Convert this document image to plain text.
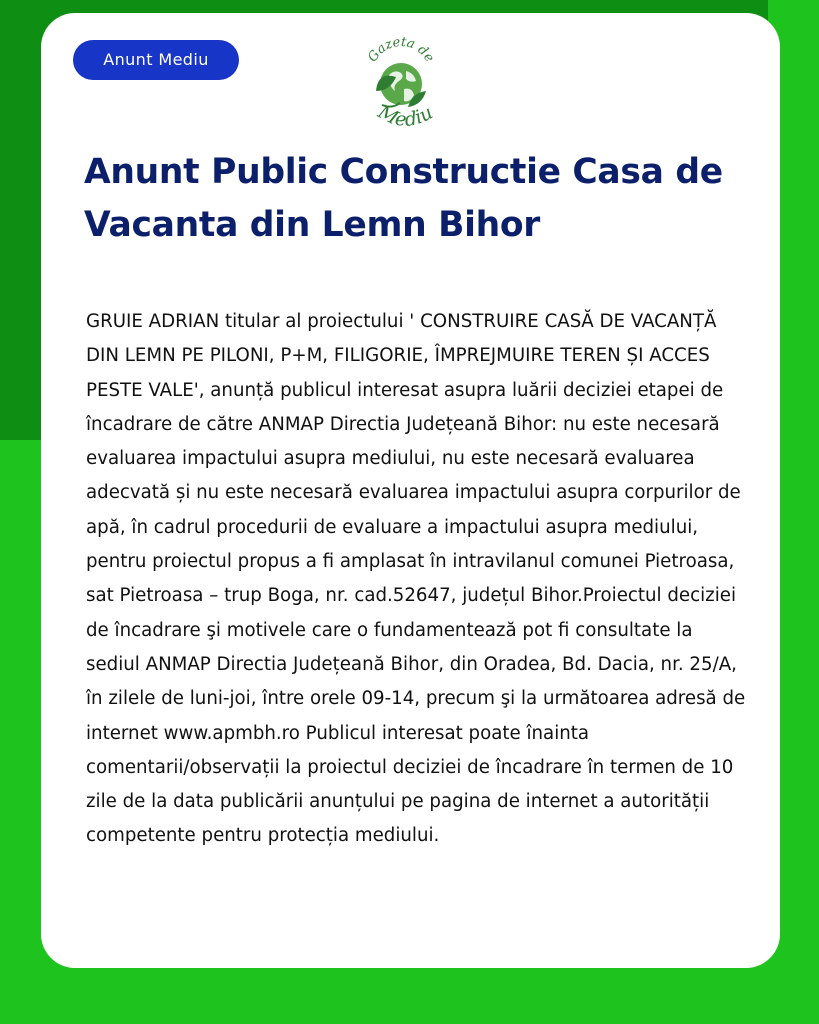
Anunt Mediu	Gazeta de
Mediu
Anunt Public Constructie Casa de Vacanta din Lemn Bihor

GRUIE ADRIAN titular al proiectului ' CONSTRUIRE CASĂ DE VACANȚĂ DIN LEMN PE PILONI, P+M, FILIGORIE, ÎMPREJMUIRE TEREN ȘI ACCES PESTE VALE', anunță publicul interesat asupra luării deciziei etapei de încadrare de către ANMAP Directia Județeană Bihor: nu este necesară evaluarea impactului asupra mediului, nu este necesară evaluarea adecvată și nu este necesară evaluarea impactului asupra corpurilor de apă, în cadrul procedurii de evaluare a impactului asupra mediului, pentru proiectul propus a fi amplasat în intravilanul comunei Pietroasa, sat Pietroasa – trup Boga, nr. cad.52647, județul Bihor.Proiectul deciziei de încadrare şi motivele care o fundamentează pot fi consultate la sediul ANMAP Directia Județeană Bihor, din Oradea, Bd. Dacia, nr. 25/A, în zilele de luni-joi, între orele 09-14, precum şi la următoarea adresă de internet www.apmbh.ro Publicul interesat poate înainta comentarii/observații la proiectul deciziei de încadrare în termen de 10 zile de la data publicării anunțului pe pagina de internet a autorității competente pentru protecția mediului.
